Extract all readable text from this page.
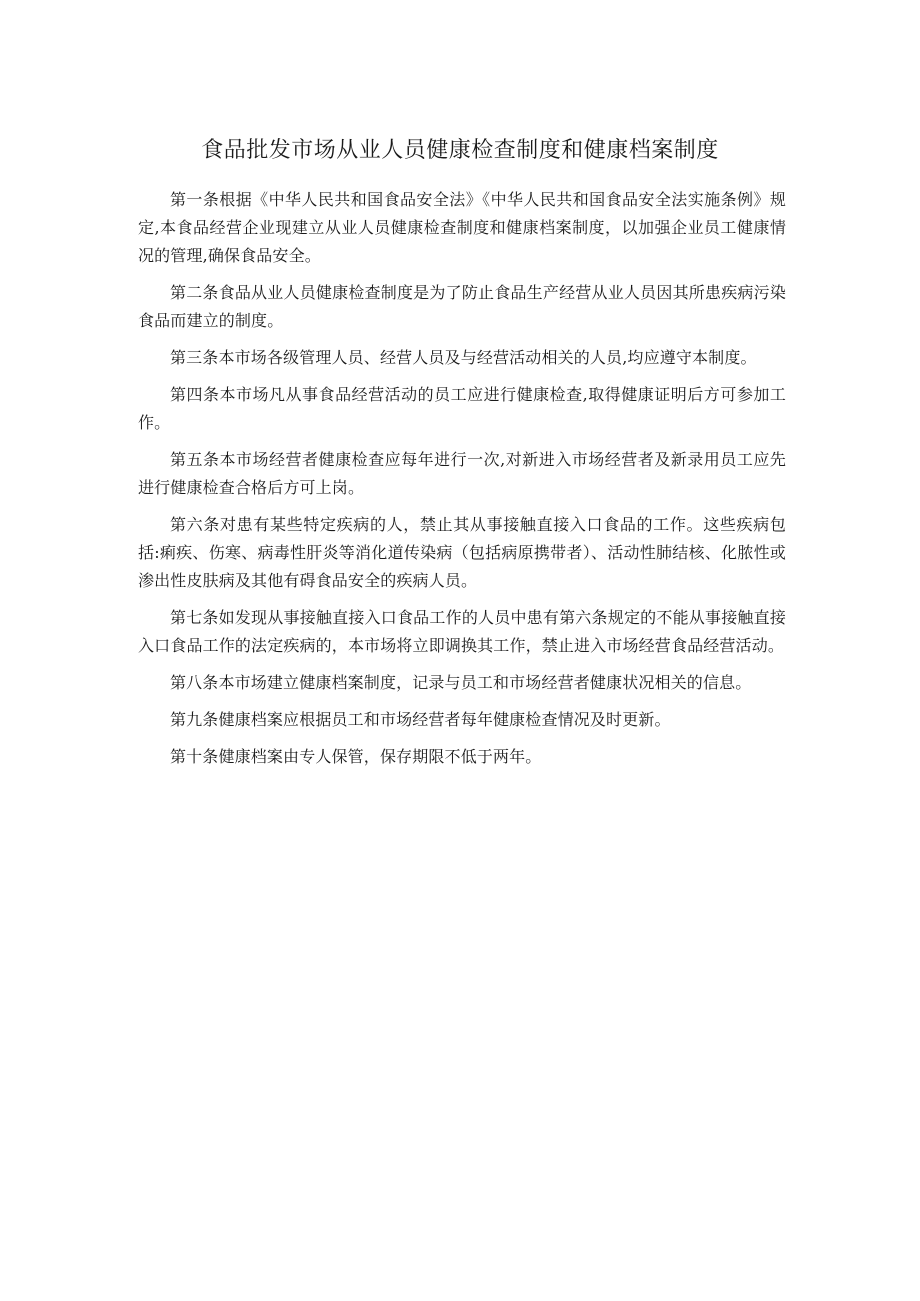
食品批发市场从业人员健康检查制度和健康档案制度

第一条根据《中华人民共和国食品安全法》《中华人民共和国食品安全法实施条例》规定,本食品经营企业现建立从业人员健康检查制度和健康档案制度，以加强企业员工健康情况的管理,确保食品安全。

第二条食品从业人员健康检查制度是为了防止食品生产经营从业人员因其所患疾病污染食品而建立的制度。

第三条本市场各级管理人员、经营人员及与经营活动相关的人员,均应遵守本制度。

第四条本市场凡从事食品经营活动的员工应进行健康检查,取得健康证明后方可参加工作。

第五条本市场经营者健康检查应每年进行一次,对新进入市场经营者及新录用员工应先进行健康检查合格后方可上岗。

第六条对患有某些特定疾病的人，禁止其从事接触直接入口食品的工作。这些疾病包括:痢疾、伤寒、病毒性肝炎等消化道传染病（包括病原携带者）、活动性肺结核、化脓性或渗出性皮肤病及其他有碍食品安全的疾病人员。

第七条如发现从事接触直接入口食品工作的人员中患有第六条规定的不能从事接触直接入口食品工作的法定疾病的，本市场将立即调换其工作，禁止进入市场经营食品经营活动。

第八条本市场建立健康档案制度，记录与员工和市场经营者健康状况相关的信息。

第九条健康档案应根据员工和市场经营者每年健康检查情况及时更新。

第十条健康档案由专人保管，保存期限不低于两年。
